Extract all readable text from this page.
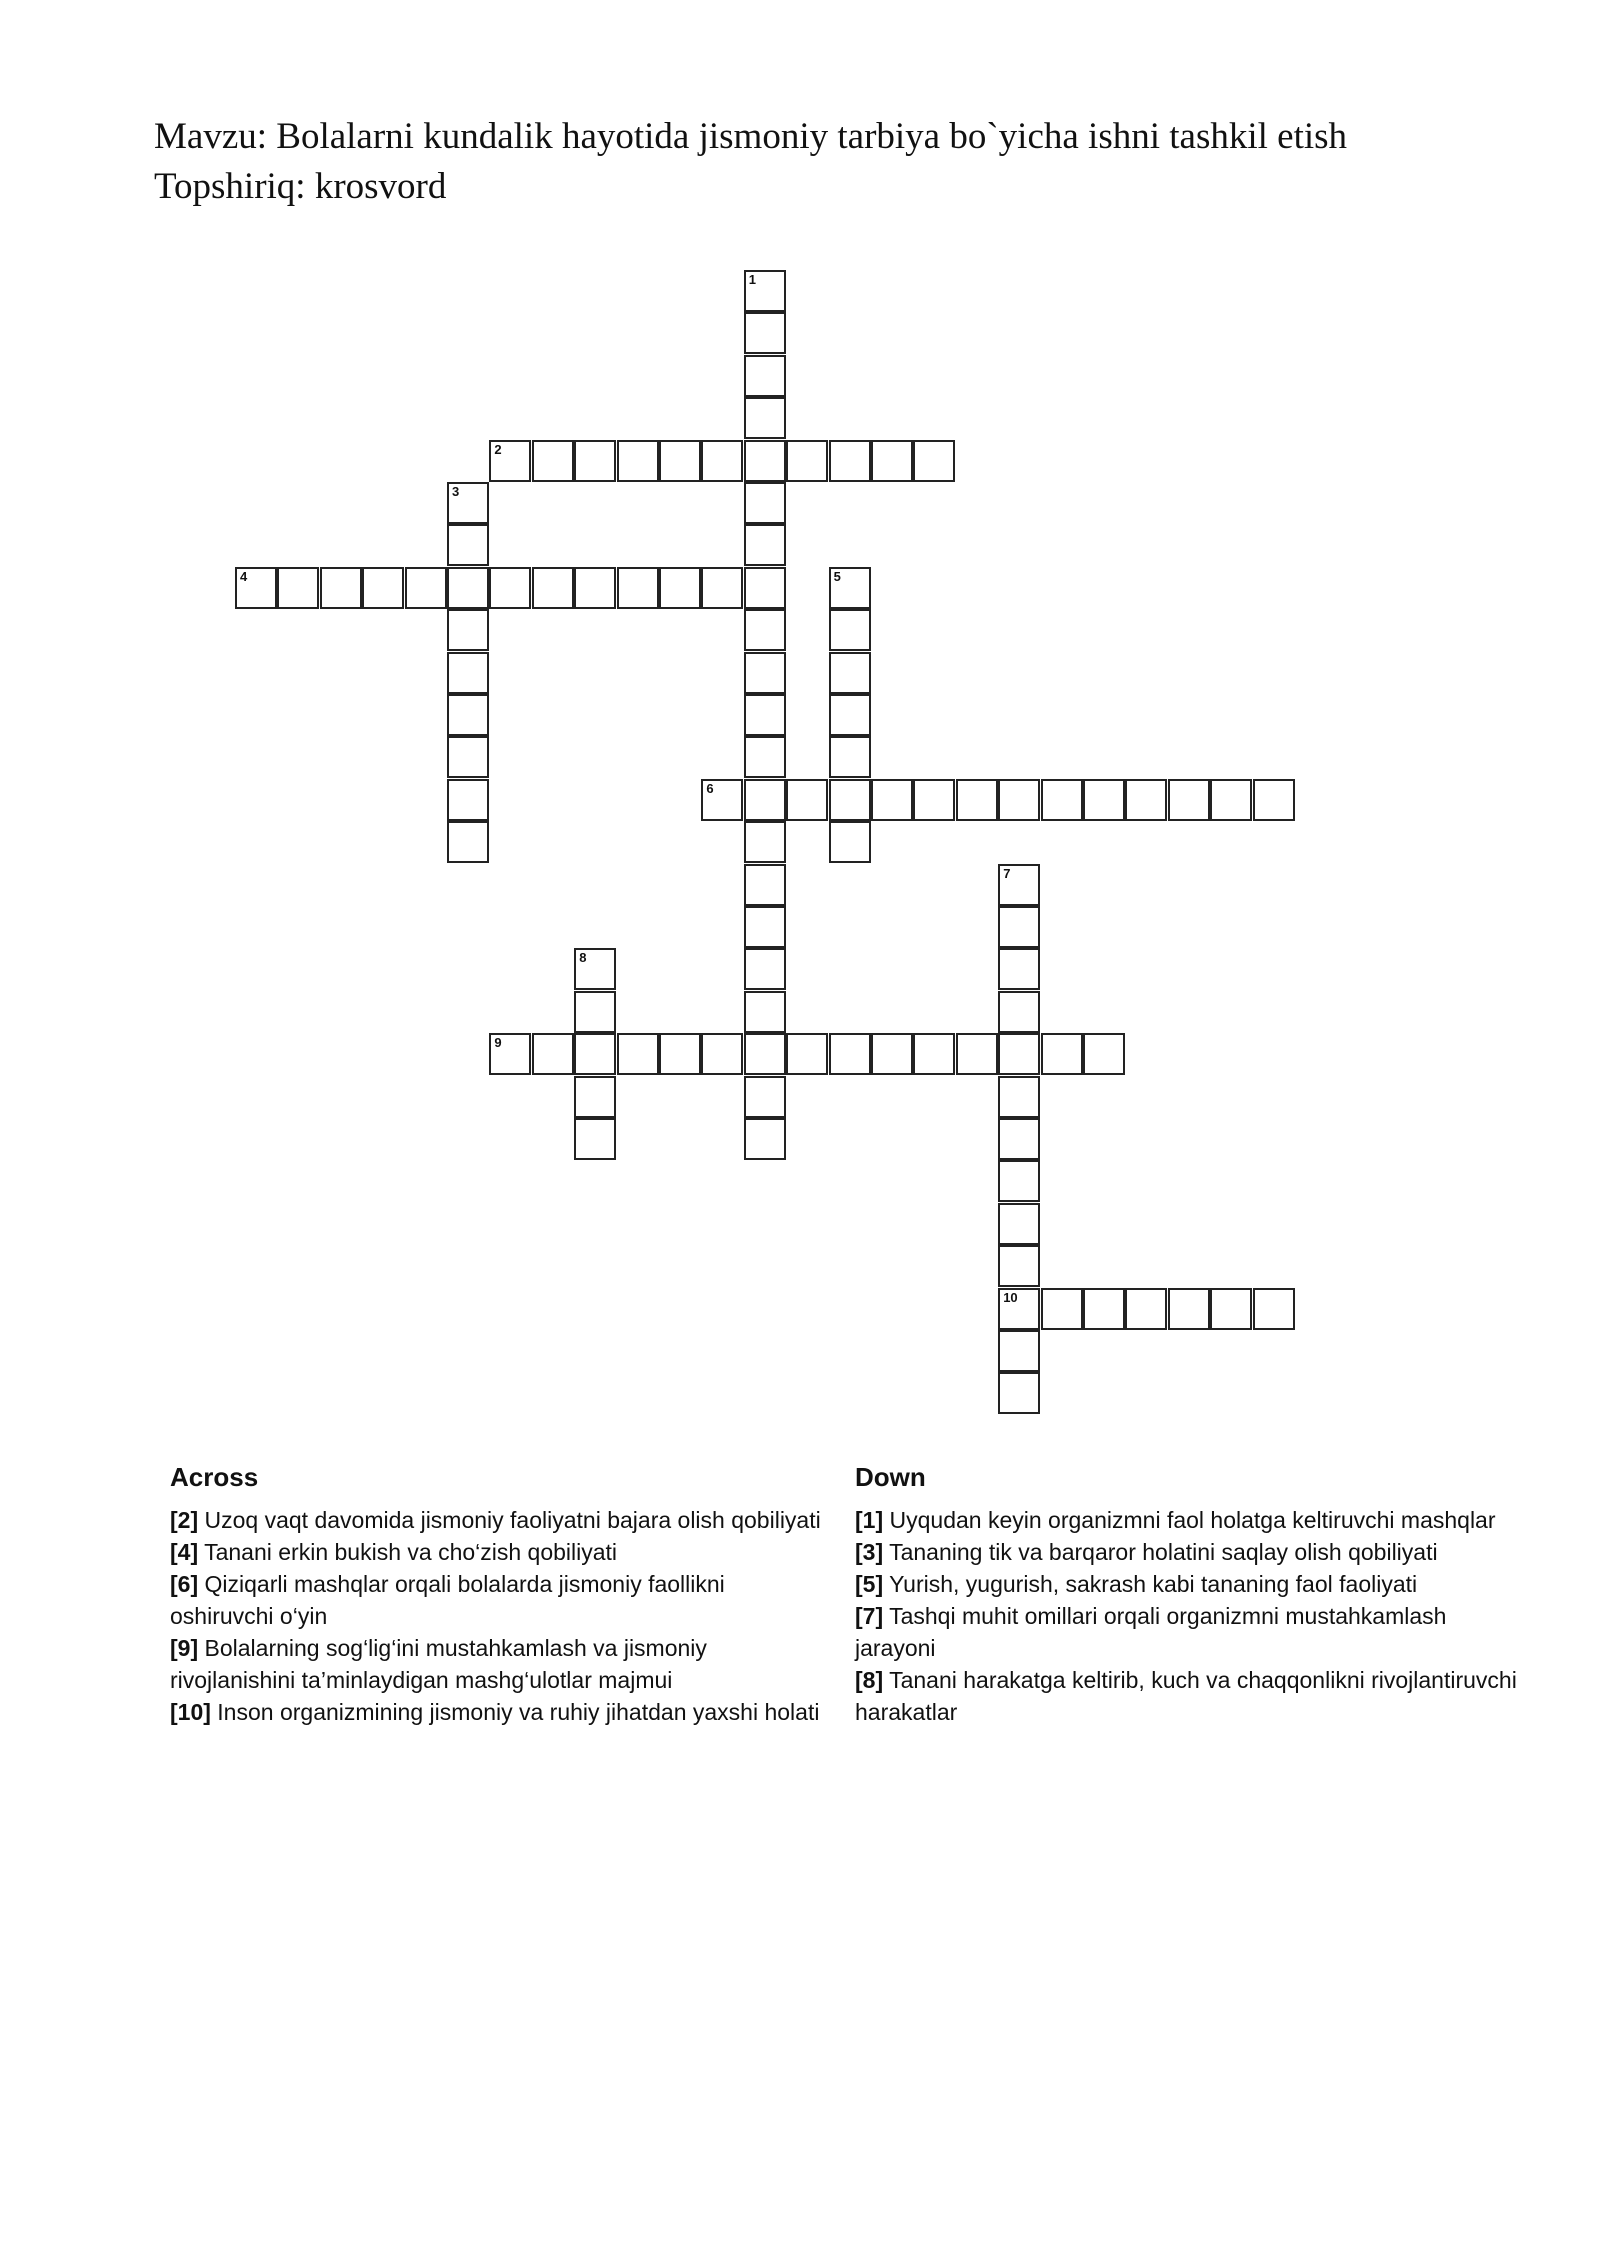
Mavzu: Bolalarni kundalik hayotida jismoniy tarbiya bo`yicha ishni tashkil etish
Topshiriq: krosvord
1
2
3
4	5
6
7
10
8
9
Across

[2] Uzoq vaqt davomida jismoniy faoliyatni bajara olish qobiliyati

[4] Tanani erkin bukish va cho‘zish qobiliyati

[6] Qiziqarli mashqlar orqali bolalarda jismoniy faollikni oshiruvchi o‘yin

[9] Bolalarning sog‘lig‘ini mustahkamlash va jismoniy rivojlanishini ta’minlaydigan mashg‘ulotlar majmui

[10] Inson organizmining jismoniy va ruhiy jihatdan yaxshi holati

Down

[1] Uyqudan keyin organizmni faol holatga keltiruvchi mashqlar

[3] Tananing tik va barqaror holatini saqlay olish qobiliyati

[5] Yurish, yugurish, sakrash kabi tananing faol faoliyati

[7] Tashqi muhit omillari orqali organizmni mustahkamlash jarayoni

[8] Tanani harakatga keltirib, kuch va chaqqonlikni rivojlantiruvchi harakatlar
